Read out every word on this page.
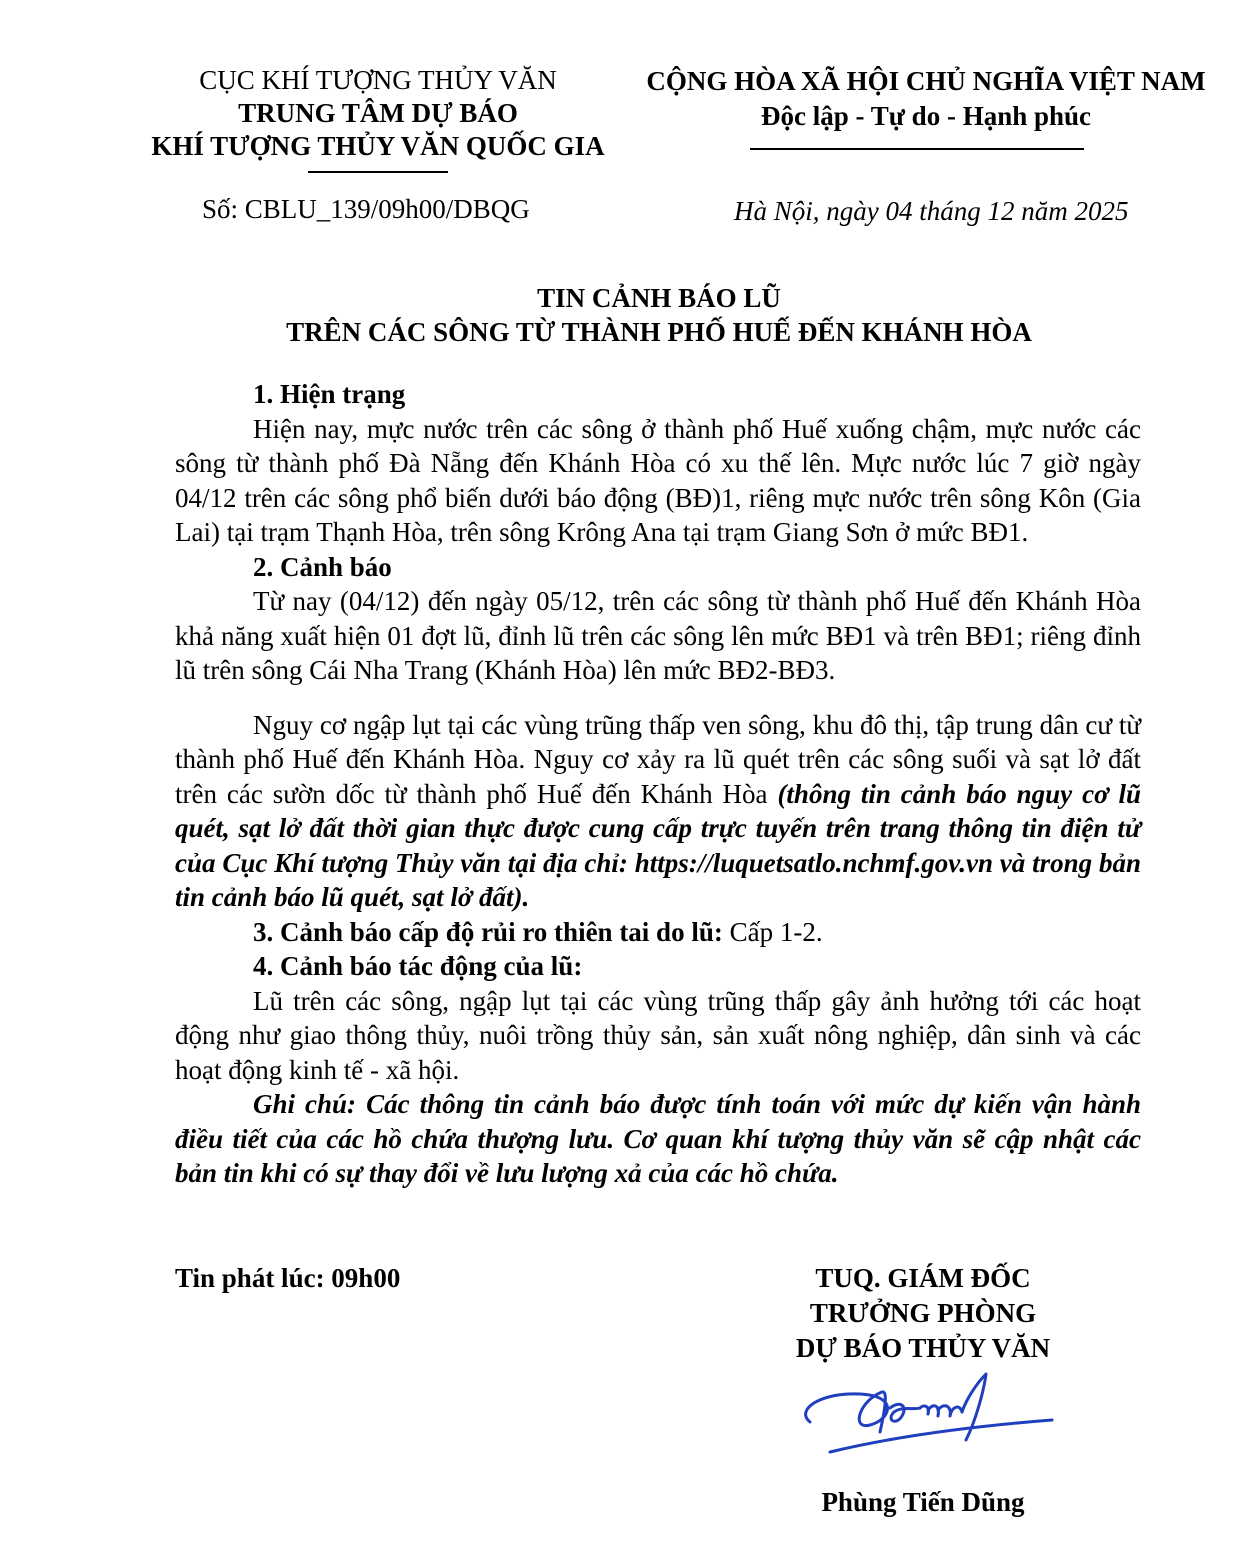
CỤC KHÍ TƯỢNG THỦY VĂN
TRUNG TÂM DỰ BÁO
KHÍ TƯỢNG THỦY VĂN QUỐC GIA
CỘNG HÒA XÃ HỘI CHỦ NGHĨA VIỆT NAM
Độc lập - Tự do - Hạnh phúc
Số: CBLU_139/09h00/DBQG	Hà Nội, ngày 04 tháng 12 năm 2025
TIN CẢNH BÁO LŨ
TRÊN CÁC SÔNG TỪ THÀNH PHỐ HUẾ ĐẾN KHÁNH HÒA

1. Hiện trạng

Hiện nay, mực nước trên các sông ở thành phố Huế xuống chậm, mực nước các sông từ thành phố Đà Nẵng đến Khánh Hòa có xu thế lên. Mực nước lúc 7 giờ ngày 04/12 trên các sông phổ biến dưới báo động (BĐ)1, riêng mực nước trên sông Kôn (Gia Lai) tại trạm Thạnh Hòa, trên sông Krông Ana tại trạm Giang Sơn ở mức BĐ1.

2. Cảnh báo

Từ nay (04/12) đến ngày 05/12, trên các sông từ thành phố Huế đến Khánh Hòa khả năng xuất hiện 01 đợt lũ, đỉnh lũ trên các sông lên mức BĐ1 và trên BĐ1; riêng đỉnh lũ trên sông Cái Nha Trang (Khánh Hòa) lên mức BĐ2-BĐ3.

Nguy cơ ngập lụt tại các vùng trũng thấp ven sông, khu đô thị, tập trung dân cư từ thành phố Huế đến Khánh Hòa. Nguy cơ xảy ra lũ quét trên các sông suối và sạt lở đất trên các sườn dốc từ thành phố Huế đến Khánh Hòa (thông tin cảnh báo nguy cơ lũ quét, sạt lở đất thời gian thực được cung cấp trực tuyến trên trang thông tin điện tử của Cục Khí tượng Thủy văn tại địa chỉ: https://luquetsatlo.nchmf.gov.vn và trong bản tin cảnh báo lũ quét, sạt lở đất).

3. Cảnh báo cấp độ rủi ro thiên tai do lũ: Cấp 1-2.

4. Cảnh báo tác động của lũ:

Lũ trên các sông, ngập lụt tại các vùng trũng thấp gây ảnh hưởng tới các hoạt động như giao thông thủy, nuôi trồng thủy sản, sản xuất nông nghiệp, dân sinh và các hoạt động kinh tế - xã hội.

Ghi chú: Các thông tin cảnh báo được tính toán với mức dự kiến vận hành điều tiết của các hồ chứa thượng lưu. Cơ quan khí tượng thủy văn sẽ cập nhật các bản tin khi có sự thay đổi về lưu lượng xả của các hồ chứa.

Tin phát lúc: 09h00	TUQ. GIÁM ĐỐC
TRƯỞNG PHÒNG
DỰ BÁO THỦY VĂN
Phùng Tiến Dũng
